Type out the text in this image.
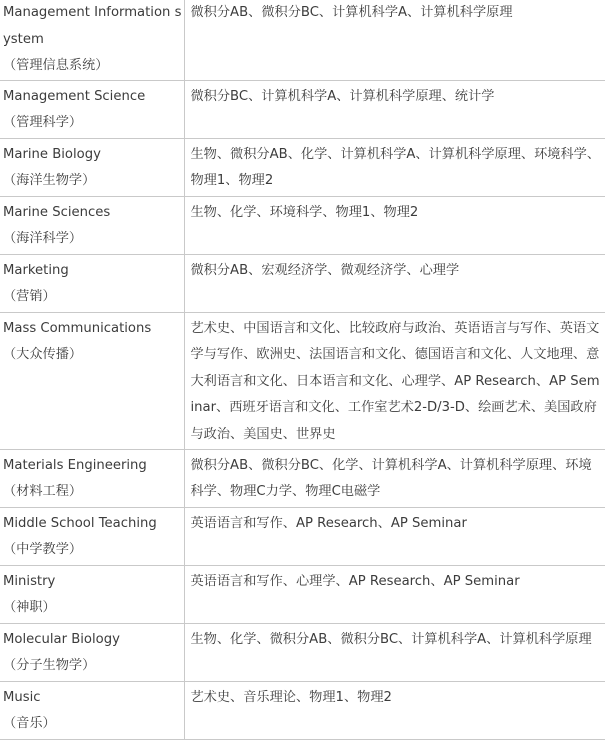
Management Information system
（管理信息系统）	微积分AB、微积分BC、计算机科学A、计算机科学原理

Management Science
（管理科学）	微积分BC、计算机科学A、计算机科学原理、统计学

Marine Biology
（海洋生物学）	生物、微积分AB、化学、计算机科学A、计算机科学原理、环境科学、物理1、物理2

Marine Sciences
（海洋科学）	生物、化学、环境科学、物理1、物理2

Marketing
（营销）	微积分AB、宏观经济学、微观经济学、心理学

Mass Communications
（大众传播）	艺术史、中国语言和文化、比较政府与政治、英语语言与写作、英语文学与写作、欧洲史、法国语言和文化、德国语言和文化、人文地理、意大利语言和文化、日本语言和文化、心理学、AP Research、AP Seminar、西班牙语言和文化、工作室艺术2-D/3-D、绘画艺术、美国政府与政治、美国史、世界史

Materials Engineering
（材料工程）	微积分AB、微积分BC、化学、计算机科学A、计算机科学原理、环境科学、物理C力学、物理C电磁学

Middle School Teaching
（中学教学）	英语语言和写作、AP Research、AP Seminar

Ministry
（神职）	英语语言和写作、心理学、AP Research、AP Seminar

Molecular Biology
（分子生物学）	生物、化学、微积分AB、微积分BC、计算机科学A、计算机科学原理

Music
（音乐）	艺术史、音乐理论、物理1、物理2
